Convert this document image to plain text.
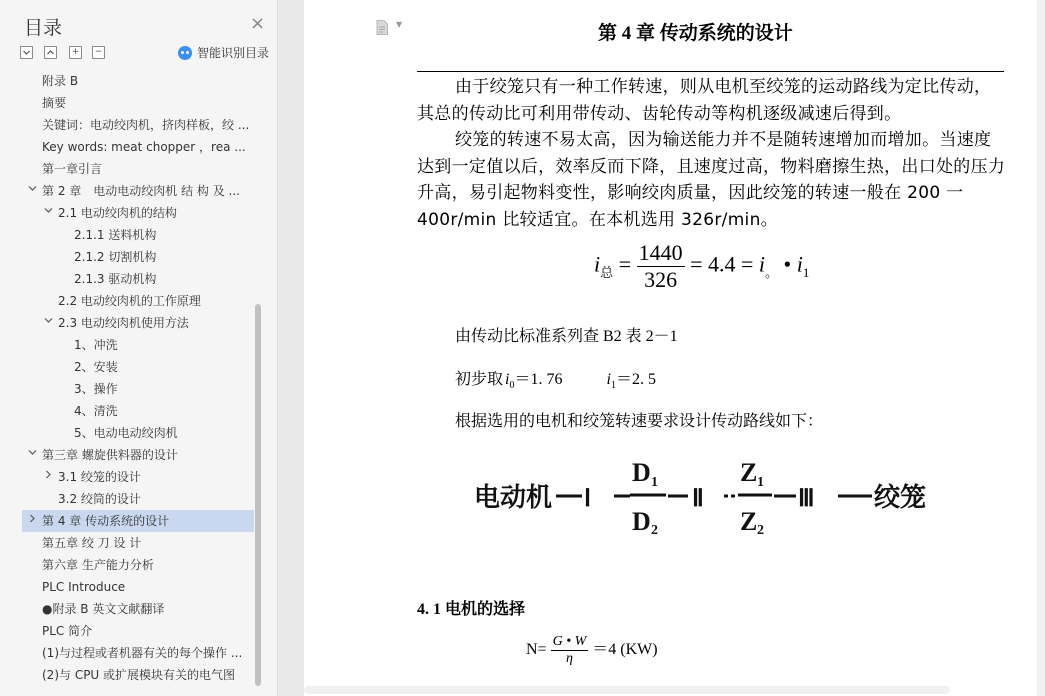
目录	×
+	−	智能识别目录
附录 B
摘要
关键词：电动绞肉机，挤肉样板，绞 ...
Key words: meat chopper ，rea ...
第一章引言
第 2 章　电动电动绞肉机 结 构 及 ...
2.1 电动绞肉机的结构
2.1.1 送料机构
2.1.2 切割机构
2.1.3 驱动机构
2.2 电动绞肉机的工作原理
2.3 电动绞肉机使用方法
1、冲洗
2、安装
3、操作
4、清洗
5、电动电动绞肉机
第三章 螺旋供料器的设计
3.1 绞笼的设计
3.2 绞筒的设计
第 4 章 传动系统的设计
第五章 绞 刀 设 计
第六章 生产能力分析
PLC Introduce
●附录 B 英文文献翻译
PLC 简介
(1)与过程或者机器有关的每个操作 ...
(2)与 CPU 或扩展模块有关的电气图
▼	第 4 章 传动系统的设计
由于绞笼只有一种工作转速，则从电机至绞笼的运动路线为定比传动，其总的传动比可利用带传动、齿轮传动等构机逐级减速后得到。
绞笼的转速不易太高，因为输送能力并不是随转速增加而增加。当速度达到一定值以后，效率反而下降，且速度过高，物料磨擦生热，出口处的压力升高，易引起物料变性，影响绞肉质量，因此绞笼的转速一般在 200 一 400r/min 比较适宜。在本机选用 326r/min。
$i_总 = \frac{1440}{326} = 4.4 = i_。$ • $i_1$
由传动比标准系列查 B2 表 2－1
初步取 $i_0=1$. 76	$i_1=2$. 5
根据选用的电机和绞笼转速要求设计传动路线如下：
电动机 Ⅰ
D 1
D 2
Ⅱ
Z 1
Z 2
Ⅲ 绞笼
4. 1 电机的选择
$N= \frac{G • W}{\eta} =4$ (KW)
